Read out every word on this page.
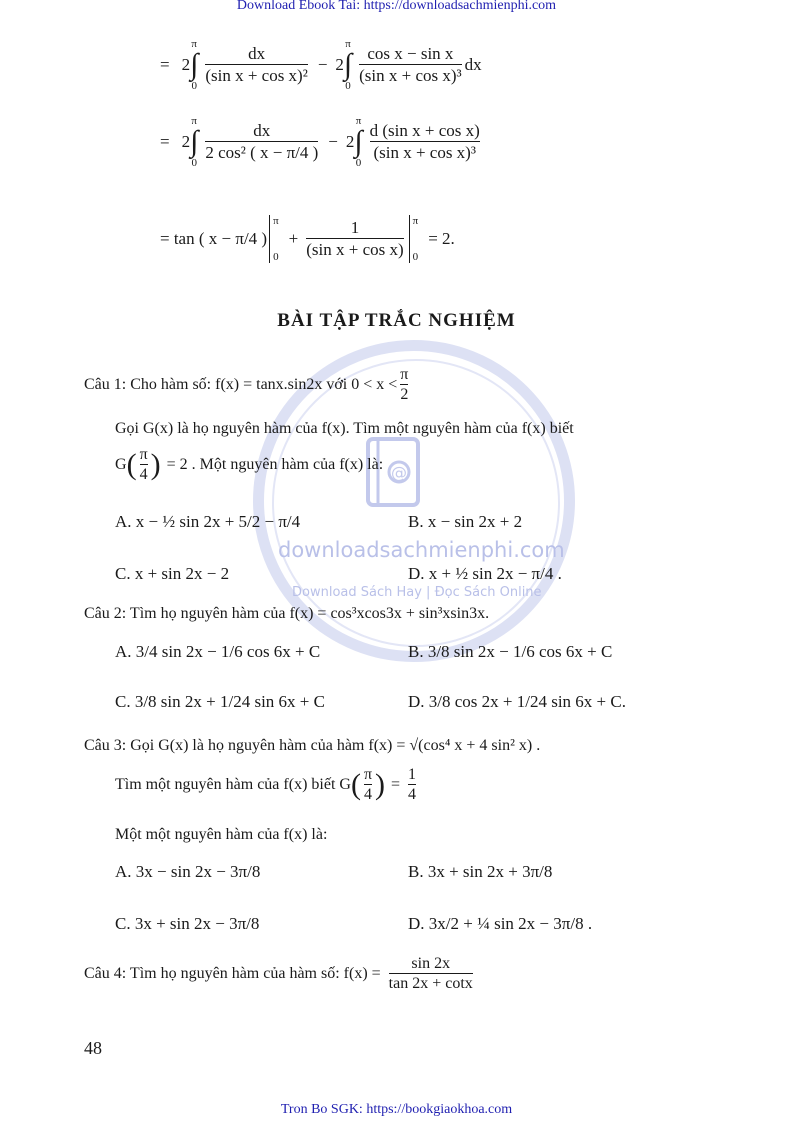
Download Ebook Tai: https://downloadsachmienphi.com
Tron Bo SGK: https://bookgiaokhoa.com
@
downloadsachmienphi.com
Download Sách Hay | Đọc Sách Online
= 2
π
∫
0
$\frac{dx}{\text{(sin x + cos x)²}} - 2$
π
∫
0
$\frac{\text{cos x − sin x}}{\text{(sin x + cos x)³}}$ dx
= 2
π
∫
0
$\frac{dx}{\text{2 cos² ( x − π/4 )}} - 2$
π
∫
0
$\frac{\text{d (sin x + cos x)}}{\text{(sin x + cos x)³}}$
= tan ( x − π/4 )
π
0
+ $\frac{1}{\text{(sin x + cos x)}}$ π
0
= 2.
BÀI TẬP TRẮC NGHIỆM
Câu 1: Cho hàm số: f(x) = tanx.sin2x với $0 < x < \frac{\pi}{2}$
Gọi G(x) là họ nguyên hàm của f(x). Tìm một nguyên hàm của f(x) biết
G ( $\frac{\pi}{4}$ ) = 2 . Một nguyên hàm của f(x) là:
A. x − ½ sin 2x + 5/2 − π/4	B. x − sin 2x + 2
C. x + sin 2x − 2	D. x + ½ sin 2x − π/4 .
Câu 2: Tìm họ nguyên hàm của f(x) = cos³xcos3x + sin³xsin3x.
A. 3/4 sin 2x − 1/6 cos 6x + C	B. 3/8 sin 2x − 1/6 cos 6x + C
C. 3/8 sin 2x + 1/24 sin 6x + C	D. 3/8 cos 2x + 1/24 sin 6x + C.
Câu 3: Gọi G(x) là họ nguyên hàm của hàm f(x) = √(cos⁴ x + 4 sin² x) .
Tìm một nguyên hàm của f(x) biết G ( $\frac{\pi}{4}$ ) = $\frac{1}{4}$
Một một nguyên hàm của f(x) là:
A. 3x − sin 2x − 3π/8	B. 3x + sin 2x + 3π/8
C. 3x + sin 2x − 3π/8	D. 3x/2 + ¼ sin 2x − 3π/8 .
Câu 4: Tìm họ nguyên hàm của hàm số: $f(x) = \frac{\sin 2x}{\tan 2x + \cot x}$
48
